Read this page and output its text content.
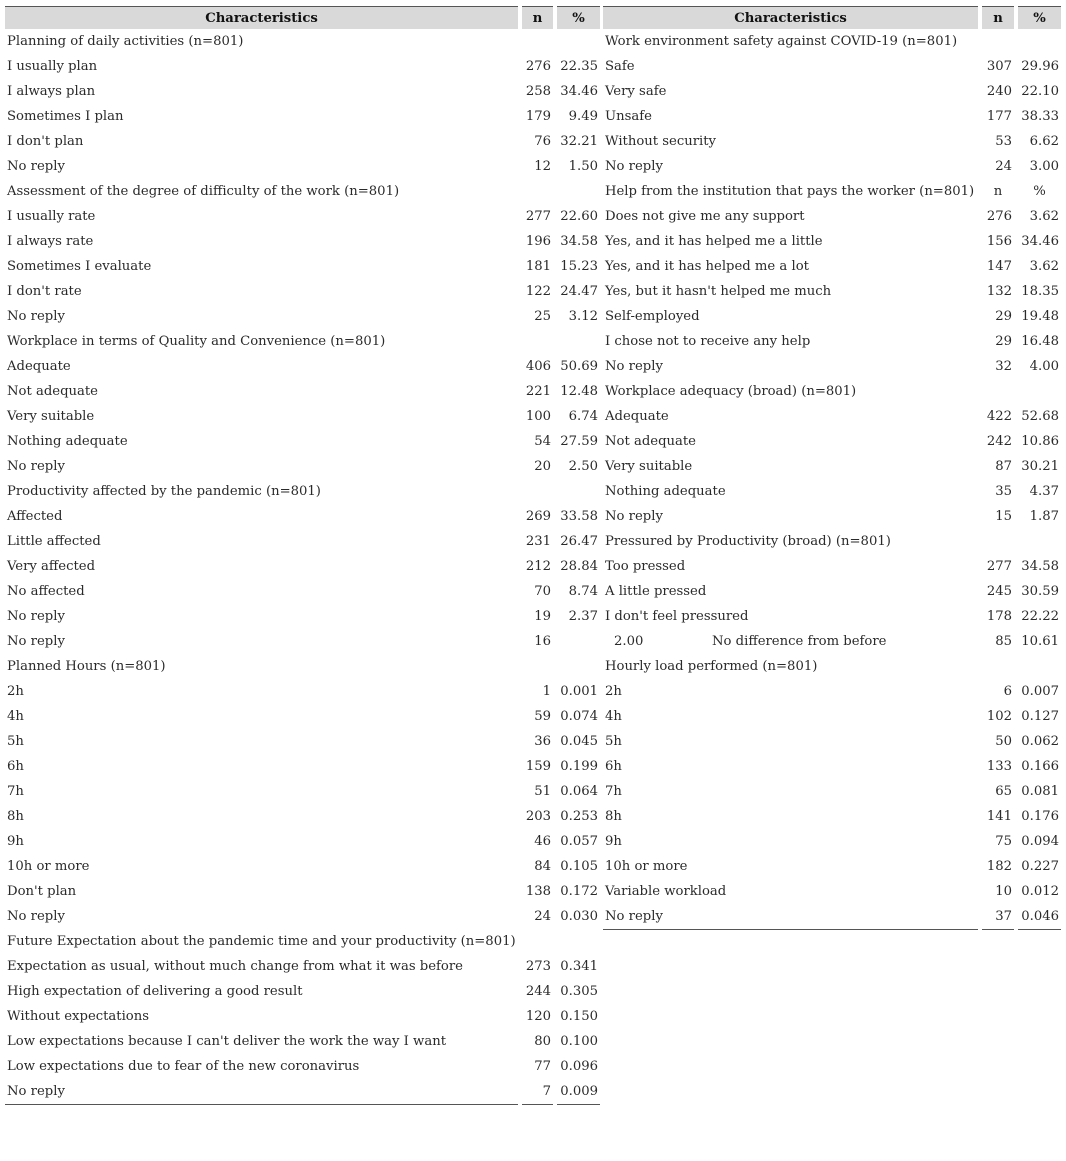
Characteristics		n		%
Planning of daily activities (n=801)				
I usually plan		276		22.35
I always plan		258		34.46
Sometimes I plan		179		9.49
I don't plan		76		32.21
No reply		12		1.50
Assessment of the degree of difficulty of the work (n=801)				
I usually rate		277		22.60
I always rate		196		34.58
Sometimes I evaluate		181		15.23
I don't rate		122		24.47
No reply		25		3.12
Workplace in terms of Quality and Convenience (n=801)				
Adequate		406		50.69
Not adequate		221		12.48
Very suitable		100		6.74
Nothing adequate		54		27.59
No reply		20		2.50
Productivity affected by the pandemic (n=801)				
Affected		269		33.58
Little affected		231		26.47
Very affected		212		28.84
No affected		70		8.74
No reply		19		2.37
No reply		16		
Planned Hours (n=801)				
2h		1		0.001
4h		59		0.074
5h		36		0.045
6h		159		0.199
7h		51		0.064
8h		203		0.253
9h		46		0.057
10h or more		84		0.105
Don't plan		138		0.172
No reply		24		0.030
Future Expectation about the pandemic time and your productivity (n=801)				
Expectation as usual, without much change from what it was before		273		0.341
High expectation of delivering a good result		244		0.305
Without expectations		120		0.150
Low expectations because I can't deliver the work the way I want		80		0.100
Low expectations due to fear of the new coronavirus		77		0.096
No reply		7		0.009
Characteristics		n		%
Work environment safety against COVID-19 (n=801)				
Safe		307		29.96
Very safe		240		22.10
Unsafe		177		38.33
Without security		53		6.62
No reply		24		3.00
Help from the institution that pays the worker (n=801)		n		%
Does not give me any support		276		3.62
Yes, and it has helped me a little		156		34.46
Yes, and it has helped me a lot		147		3.62
Yes, but it hasn't helped me much		132		18.35
Self-employed		29		19.48
I chose not to receive any help		29		16.48
No reply		32		4.00
Workplace adequacy (broad) (n=801)				
Adequate		422		52.68
Not adequate		242		10.86
Very suitable		87		30.21
Nothing adequate		35		4.37
No reply		15		1.87
Pressured by Productivity (broad) (n=801)				
Too pressed		277		34.58
A little pressed		245		30.59
I don't feel pressured		178		22.22
2.00 No difference from before		85		10.61
Hourly load performed (n=801)				
2h		6		0.007
4h		102		0.127
5h		50		0.062
6h		133		0.166
7h		65		0.081
8h		141		0.176
9h		75		0.094
10h or more		182		0.227
Variable workload		10		0.012
No reply		37		0.046
